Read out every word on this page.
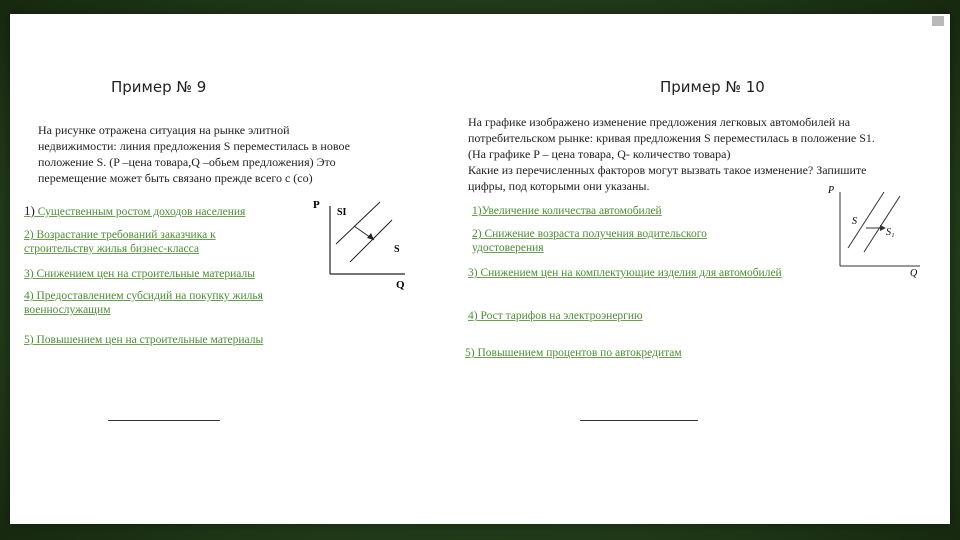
Пример № 9
На рисунке отражена ситуация на рынке элитной
недвижимости: линия предложения S переместилась в новое
положение S. (P –цена товара,Q –обьем предложения) Это
перемещение может быть связано прежде всего с (со)
1) Существенным ростом доходов населения
2) Возрастание требований заказчика к строительству жилья бизнес-класса
3) Снижением цен на строительные материалы
4) Предоставлением субсидий на покупку жилья военнослужащим
5) Повышением цен на строительные материалы
P
Q
SI
S
Пример № 10
На графике изображено изменение предложения легковых автомобилей на
потребительском рынке: кривая предложения S переместилась в положение S1.
(На графике P – цена товара, Q- количество товара)
Какие из перечисленных факторов могут вызвать такое изменение? Запишите
цифры, под которыми они указаны.
1)Увеличение количества автомобилей
2) Снижение возраста получения водительского удостоверения
3) Снижением цен на комплектующие изделия для автомобилей
4) Рост тарифов на электроэнергию
5) Повышением процентов по автокредитам
P
Q
S
S₁
